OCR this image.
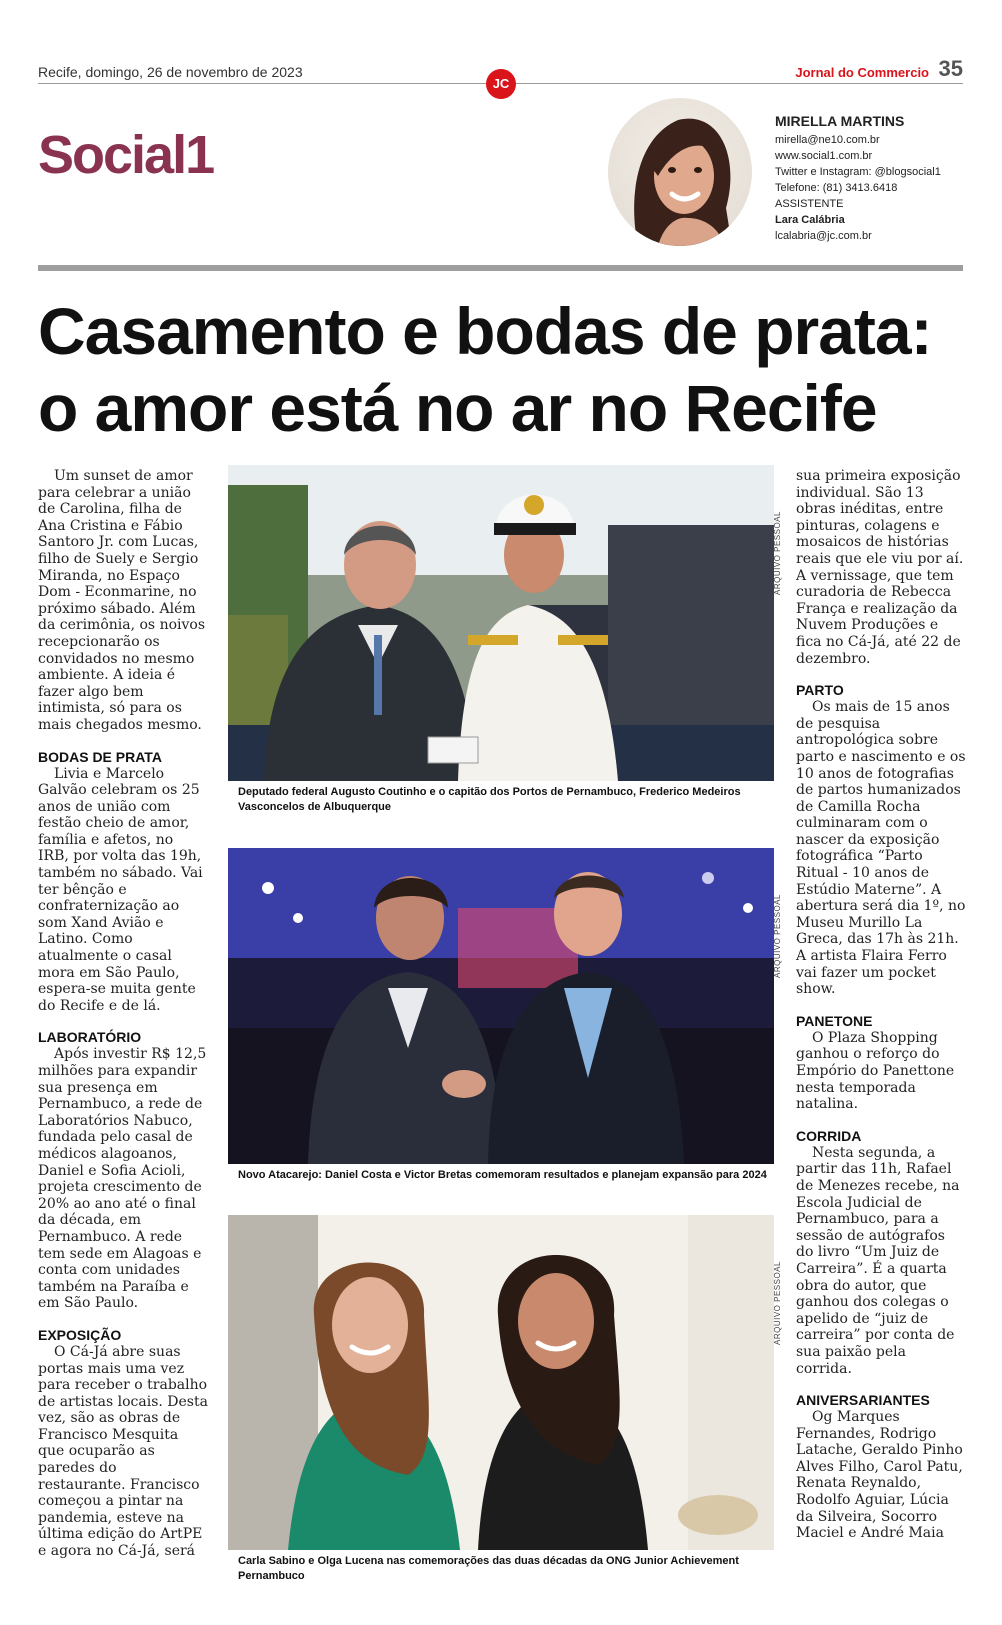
Recife, domingo, 26 de novembro de 2023
JC
Jornal do Commercio 35
Social1
MIRELLA MARTINS
mirella@ne10.com.br
www.social1.com.br
Twitter e Instagram: @blogsocial1
Telefone: (81) 3413.6418
ASSISTENTE
Lara Calábria
lcalabria@jc.com.br
Casamento e bodas de prata:
o amor está no ar no Recife

Um sunset de amor para celebrar a união de Carolina, filha de Ana Cristina e Fábio Santoro Jr. com Lucas, filho de Suely e Sergio Miranda, no Espaço Dom - Econmarine, no próximo sábado. Além da cerimônia, os noivos recepcionarão os convidados no mesmo ambiente. A ideia é fazer algo bem intimista, só para os mais chegados mesmo.

BODAS DE PRATA

Livia e Marcelo Galvão celebram os 25 anos de união com festão cheio de amor, família e afetos, no IRB, por volta das 19h, também no sábado. Vai ter bênção e confraternização ao som Xand Avião e Latino. Como atualmente o casal mora em São Paulo, espera-se muita gente do Recife e de lá.

LABORATÓRIO

Após investir R$ 12,5 milhões para expandir sua presença em Pernambuco, a rede de Laboratórios Nabuco, fundada pelo casal de médicos alagoanos, Daniel e Sofia Acioli, projeta crescimento de 20% ao ano até o final da década, em Pernambuco. A rede tem sede em Alagoas e conta com unidades também na Paraíba e em São Paulo.

EXPOSIÇÃO

O Cá-Já abre suas portas mais uma vez para receber o trabalho de artistas locais. Desta vez, são as obras de Francisco Mesquita que ocuparão as paredes do restaurante. Francisco começou a pintar na pandemia, esteve na última edição do ArtPE e agora no Cá-Já, será

sua primeira exposição individual. São 13 obras inéditas, entre pinturas, colagens e mosaicos de histórias reais que ele viu por aí. A vernissage, que tem curadoria de Rebecca França e realização da Nuvem Produções e fica no Cá-Já, até 22 de dezembro.

PARTO

Os mais de 15 anos de pesquisa antropológica sobre parto e nascimento e os 10 anos de fotografias de partos humanizados de Camilla Rocha culminaram com o nascer da exposição fotográfica “Parto Ritual - 10 anos de Estúdio Materne”. A abertura será dia 1º, no Museu Murillo La Greca, das 17h às 21h. A artista Flaira Ferro vai fazer um pocket show.

PANETONE

O Plaza Shopping ganhou o reforço do Empório do Panettone nesta temporada natalina.

CORRIDA

Nesta segunda, a partir das 11h, Rafael de Menezes recebe, na Escola Judicial de Pernambuco, para a sessão de autógrafos do livro “Um Juiz de Carreira”. É a quarta obra do autor, que ganhou dos colegas o apelido de “juiz de carreira” por conta de sua paixão pela corrida.

ANIVERSARIANTES

Og Marques Fernandes, Rodrigo Latache, Geraldo Pinho Alves Filho, Carol Patu, Renata Reynaldo, Rodolfo Aguiar, Lúcia da Silveira, Socorro Maciel e André Maia

ARQUIVO PESSOAL
Deputado federal Augusto Coutinho e o capitão dos Portos de Pernambuco, Frederico Medeiros Vasconcelos de Albuquerque
ARQUIVO PESSOAL
Novo Atacarejo: Daniel Costa e Victor Bretas comemoram resultados e planejam expansão para 2024
ARQUIVO PESSOAL
Carla Sabino e Olga Lucena nas comemorações das duas décadas da ONG Junior Achievement Pernambuco
